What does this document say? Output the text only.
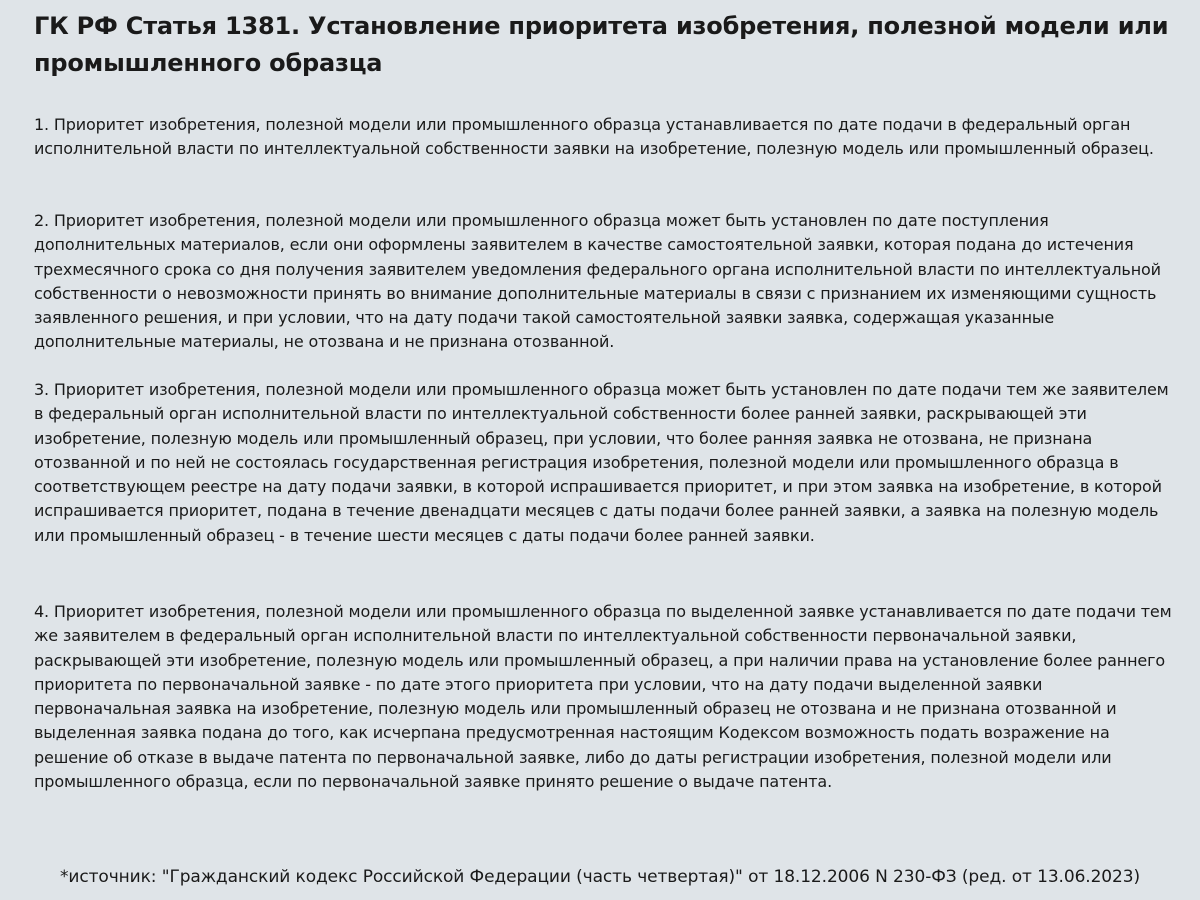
ГК РФ Статья 1381. Установление приоритета изобретения, полезной модели или промышленного образца

1. Приоритет изобретения, полезной модели или промышленного образца устанавливается по дате подачи в федеральный орган исполнительной власти по интеллектуальной собственности заявки на изобретение, полезную модель или промышленный образец.

2. Приоритет изобретения, полезной модели или промышленного образца может быть установлен по дате поступления дополнительных материалов, если они оформлены заявителем в качестве самостоятельной заявки, которая подана до истечения трехмесячного срока со дня получения заявителем уведомления федерального органа исполнительной власти по интеллектуальной собственности о невозможности принять во внимание дополнительные материалы в связи с признанием их изменяющими сущность заявленного решения, и при условии, что на дату подачи такой самостоятельной заявки заявка, содержащая указанные дополнительные материалы, не отозвана и не признана отозванной.

3. Приоритет изобретения, полезной модели или промышленного образца может быть установлен по дате подачи тем же заявителем в федеральный орган исполнительной власти по интеллектуальной собственности более ранней заявки, раскрывающей эти изобретение, полезную модель или промышленный образец, при условии, что более ранняя заявка не отозвана, не признана отозванной и по ней не состоялась государственная регистрация изобретения, полезной модели или промышленного образца в соответствующем реестре на дату подачи заявки, в которой испрашивается приоритет, и при этом заявка на изобретение, в которой испрашивается приоритет, подана в течение двенадцати месяцев с даты подачи более ранней заявки, а заявка на полезную модель или промышленный образец - в течение шести месяцев с даты подачи более ранней заявки.

4. Приоритет изобретения, полезной модели или промышленного образца по выделенной заявке устанавливается по дате подачи тем же заявителем в федеральный орган исполнительной власти по интеллектуальной собственности первоначальной заявки, раскрывающей эти изобретение, полезную модель или промышленный образец, а при наличии права на установление более раннего приоритета по первоначальной заявке - по дате этого приоритета при условии, что на дату подачи выделенной заявки первоначальная заявка на изобретение, полезную модель или промышленный образец не отозвана и не признана отозванной и выделенная заявка подана до того, как исчерпана предусмотренная настоящим Кодексом возможность подать возражение на решение об отказе в выдаче патента по первоначальной заявке, либо до даты регистрации изобретения, полезной модели или промышленного образца, если по первоначальной заявке принято решение о выдаче патента.

*источник: "Гражданский кодекс Российской Федерации (часть четвертая)" от 18.12.2006 N 230-ФЗ (ред. от 13.06.2023)
